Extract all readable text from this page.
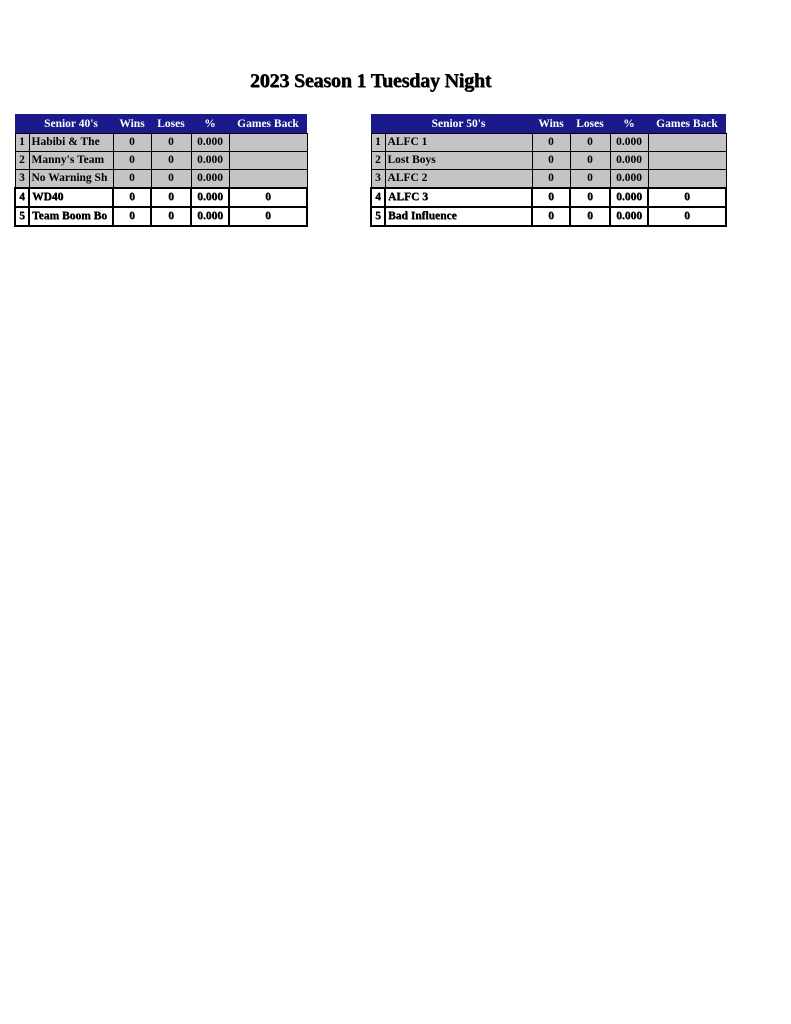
2023 Season 1 Tuesday Night
	Senior 40's	Wins	Loses	%	Games Back
1	Habibi & The	0	0	0.000	
2	Manny's Team	0	0	0.000	
3	No Warning Sh	0	0	0.000	
4	WD40	0	0	0.000	0
5	Team Boom Bo	0	0	0.000	0
	Senior 50's	Wins	Loses	%	Games Back
1	ALFC 1	0	0	0.000	
2	Lost Boys	0	0	0.000	
3	ALFC 2	0	0	0.000	
4	ALFC 3	0	0	0.000	0
5	Bad Influence	0	0	0.000	0
